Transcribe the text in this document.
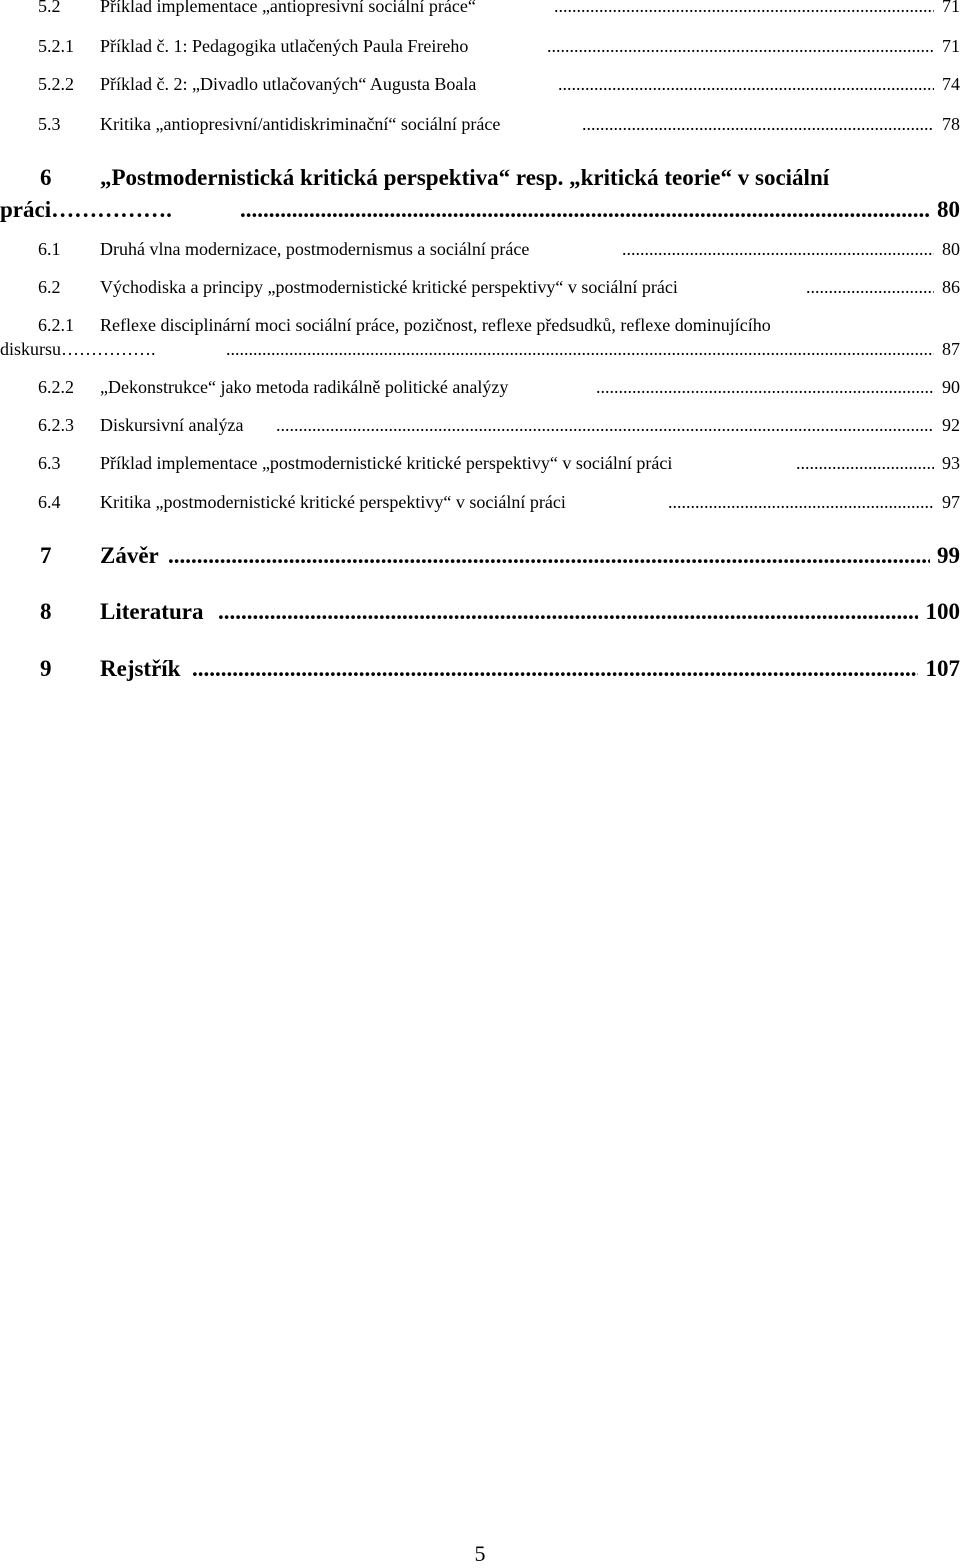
5.2 Příklad implementace „antiopresivní sociální práce“ .....	71
5.2.1 Příklad č. 1: Pedagogika utlačených Paula Freireho .....	71
5.2.2 Příklad č. 2: „Divadlo utlačovaných“ Augusta Boala .....	74
5.3 Kritika „antiopresivní/antidiskriminační“ sociální práce .....	78
6 „Postmodernistická kritická perspektiva“ resp. „kritická teorie“ v sociální
práci……………. .....	80
6.1 Druhá vlna modernizace, postmodernismus a sociální práce .....	80
6.2 Východiska a principy „postmodernistické kritické perspektivy“ v sociální práci .....	86
6.2.1 Reflexe disciplinární moci sociální práce, pozičnost, reflexe předsudků, reflexe dominujícího
diskursu……………. .....	87
6.2.2 „Dekonstrukce“ jako metoda radikálně politické analýzy .....	90
6.2.3 Diskursivní analýza .....	92
6.3 Příklad implementace „postmodernistické kritické perspektivy“ v sociální práci .....	93
6.4 Kritika „postmodernistické kritické perspektivy“ v sociální práci .....	97
7 Závěr .....	99
8 Literatura .....	100
9 Rejstřík .....	107
5
